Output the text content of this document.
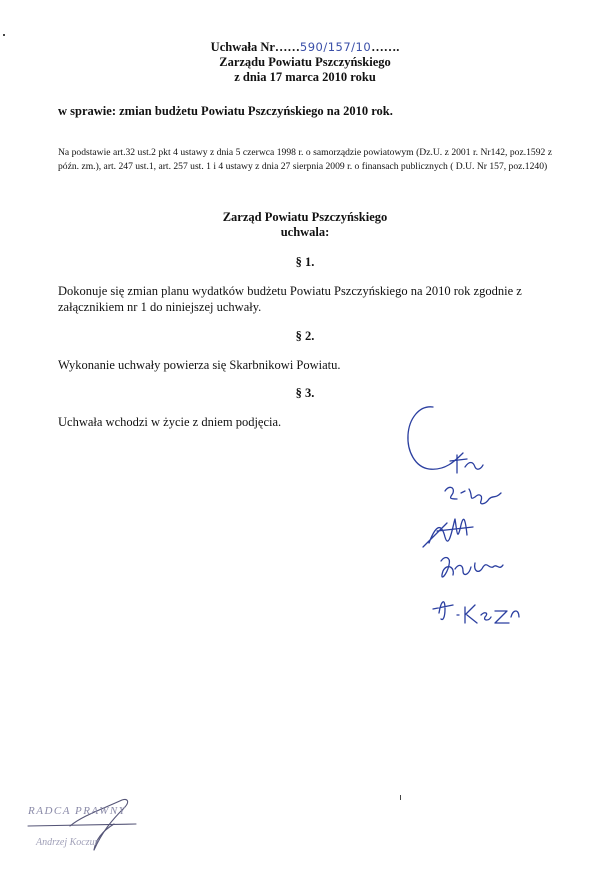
Uchwała Nr……590/157/10…….
Zarządu Powiatu Pszczyńskiego
z dnia 17 marca 2010 roku
w sprawie: zmian budżetu Powiatu Pszczyńskiego na 2010 rok.
Na podstawie art.32 ust.2 pkt 4 ustawy z dnia 5 czerwca 1998 r. o samorządzie powiatowym (Dz.U. z 2001 r. Nr142, poz.1592 z późn. zm.), art. 247 ust.1, art. 257 ust. 1 i 4 ustawy z dnia 27 sierpnia 2009 r. o finansach publicznych ( D.U. Nr 157, poz.1240)
Zarząd Powiatu Pszczyńskiego
uchwala:
§ 1.
Dokonuje się zmian planu wydatków budżetu Powiatu Pszczyńskiego na 2010 rok zgodnie z załącznikiem nr 1 do niniejszej uchwały.
§ 2.
Wykonanie uchwały powierza się Skarbnikowi Powiatu.
§ 3.
Uchwała wchodzi w życie z dniem podjęcia.
RADCA PRAWNY
Andrzej Koczur
